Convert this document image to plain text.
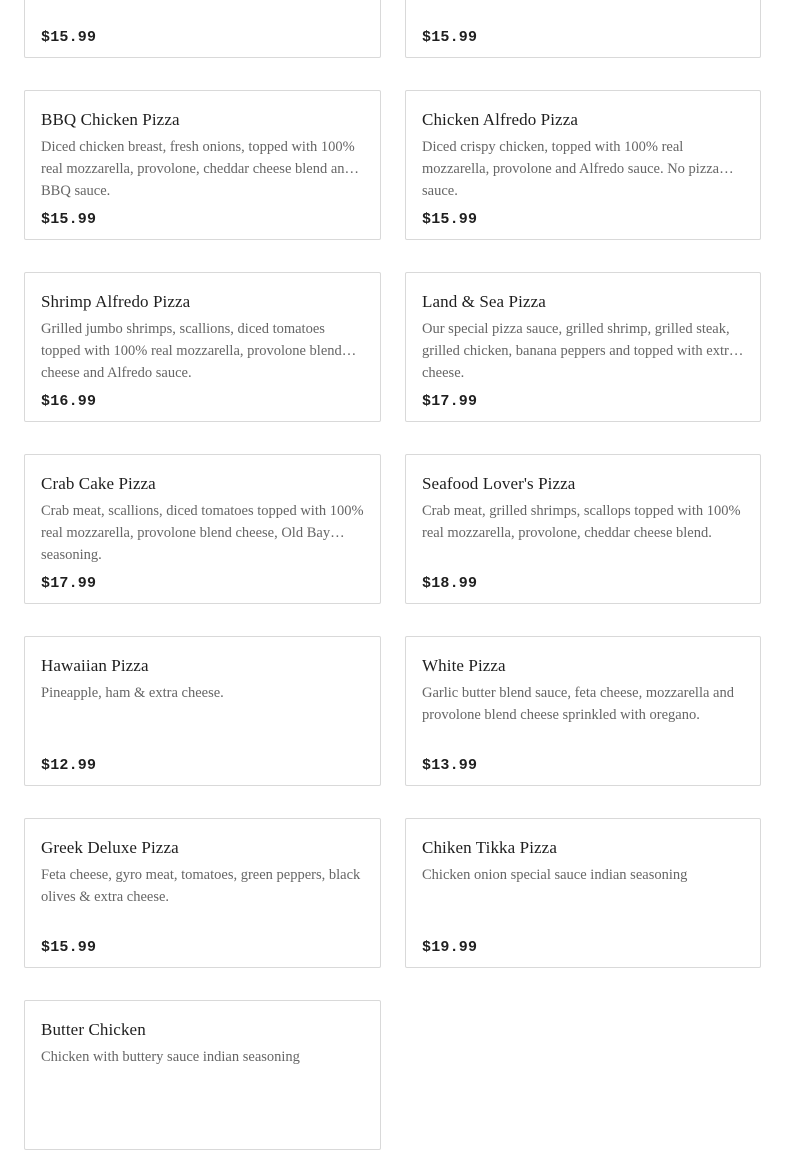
$15.99	$15.99
BBQ Chicken Pizza
Diced chicken breast, fresh onions, topped with 100% real mozzarella, provolone, cheddar cheese blend and BBQ sauce.
$15.99
Chicken Alfredo Pizza
Diced crispy chicken, topped with 100% real mozzarella, provolone and Alfredo sauce. No pizza sauce.
$15.99
Shrimp Alfredo Pizza
Grilled jumbo shrimps, scallions, diced tomatoes topped with 100% real mozzarella, provolone blend cheese and Alfredo sauce.
$16.99
Land & Sea Pizza
Our special pizza sauce, grilled shrimp, grilled steak, grilled chicken, banana peppers and topped with extra cheese.
$17.99
Crab Cake Pizza
Crab meat, scallions, diced tomatoes topped with 100% real mozzarella, provolone blend cheese, Old Bay seasoning.
$17.99
Seafood Lover's Pizza
Crab meat, grilled shrimps, scallops topped with 100% real mozzarella, provolone, cheddar cheese blend.
$18.99
Hawaiian Pizza
Pineapple, ham & extra cheese.
$12.99
White Pizza
Garlic butter blend sauce, feta cheese, mozzarella and provolone blend cheese sprinkled with oregano.
$13.99
Greek Deluxe Pizza
Feta cheese, gyro meat, tomatoes, green peppers, black olives & extra cheese.
$15.99
Chiken Tikka Pizza
Chicken onion special sauce indian seasoning
$19.99
Butter Chicken
Chicken with buttery sauce indian seasoning
